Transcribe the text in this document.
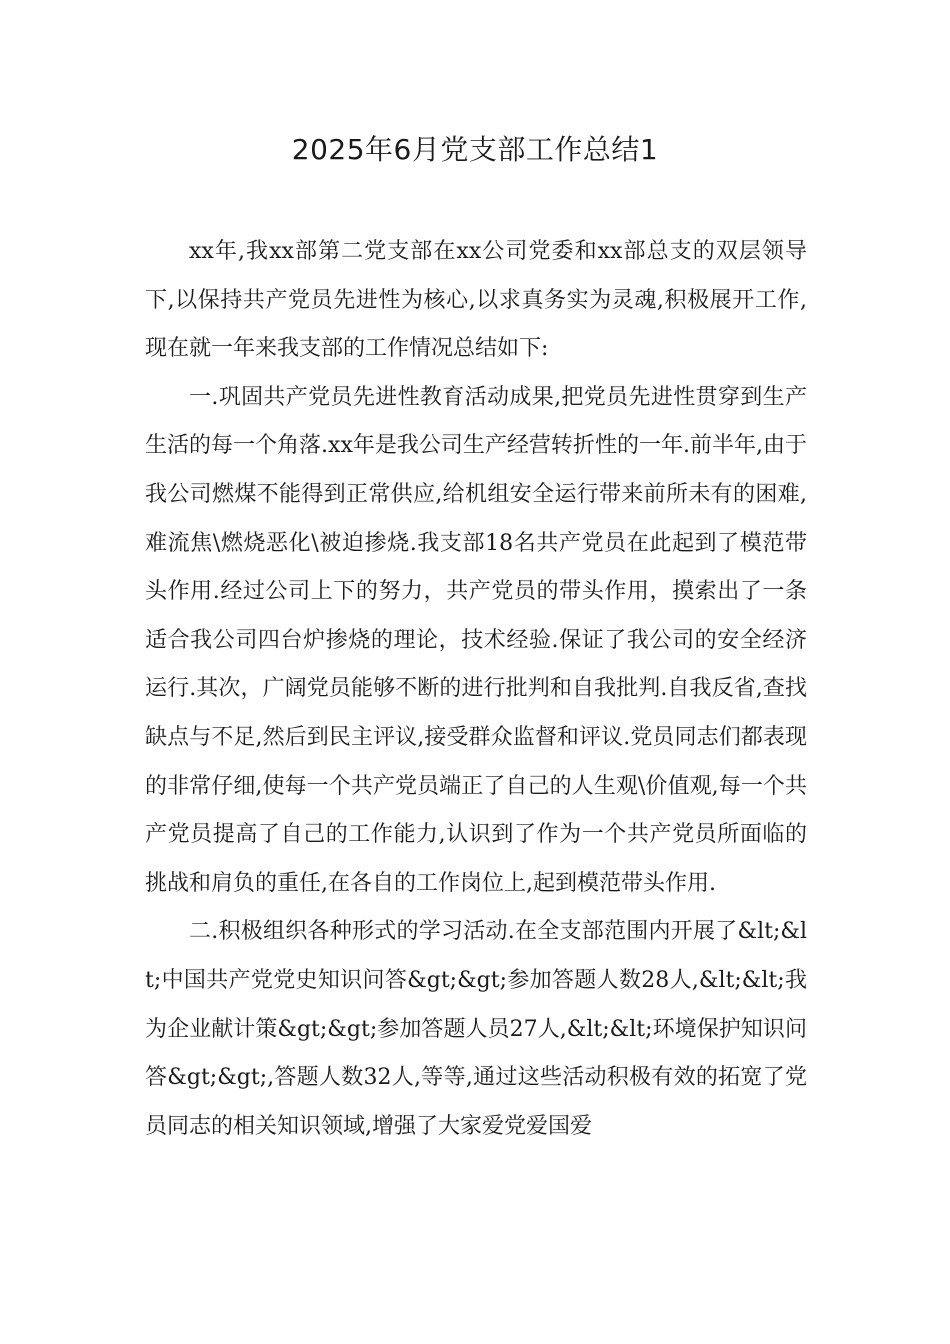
2025年6月党支部工作总结1

xx年,我xx部第二党支部在xx公司党委和xx部总支的双层领导下,以保持共产党员先进性为核心,以求真务实为灵魂,积极展开工作,现在就一年来我支部的工作情况总结如下:

一.巩固共产党员先进性教育活动成果,把党员先进性贯穿到生产生活的每一个角落.xx年是我公司生产经营转折性的一年.前半年,由于我公司燃煤不能得到正常供应,给机组安全运行带来前所未有的困难,难流焦\燃烧恶化\被迫掺烧.我支部18名共产党员在此起到了模范带头作用.经过公司上下的努力，共产党员的带头作用，摸索出了一条适合我公司四台炉掺烧的理论，技术经验.保证了我公司的安全经济运行.其次，广阔党员能够不断的进行批判和自我批判.自我反省,查找缺点与不足,然后到民主评议,接受群众监督和评议.党员同志们都表现的非常仔细,使每一个共产党员端正了自己的人生观\价值观,每一个共产党员提高了自己的工作能力,认识到了作为一个共产党员所面临的挑战和肩负的重任,在各自的工作岗位上,起到模范带头作用.

二.积极组织各种形式的学习活动.在全支部范围内开展了&lt;&lt;中国共产党党史知识问答&gt;&gt;参加答题人数28人,&lt;&lt;我为企业献计策&gt;&gt;参加答题人员27人,&lt;&lt;环境保护知识问答&gt;&gt;,答题人数32人,等等,通过这些活动积极有效的拓宽了党员同志的相关知识领域,增强了大家爱党爱国爱
